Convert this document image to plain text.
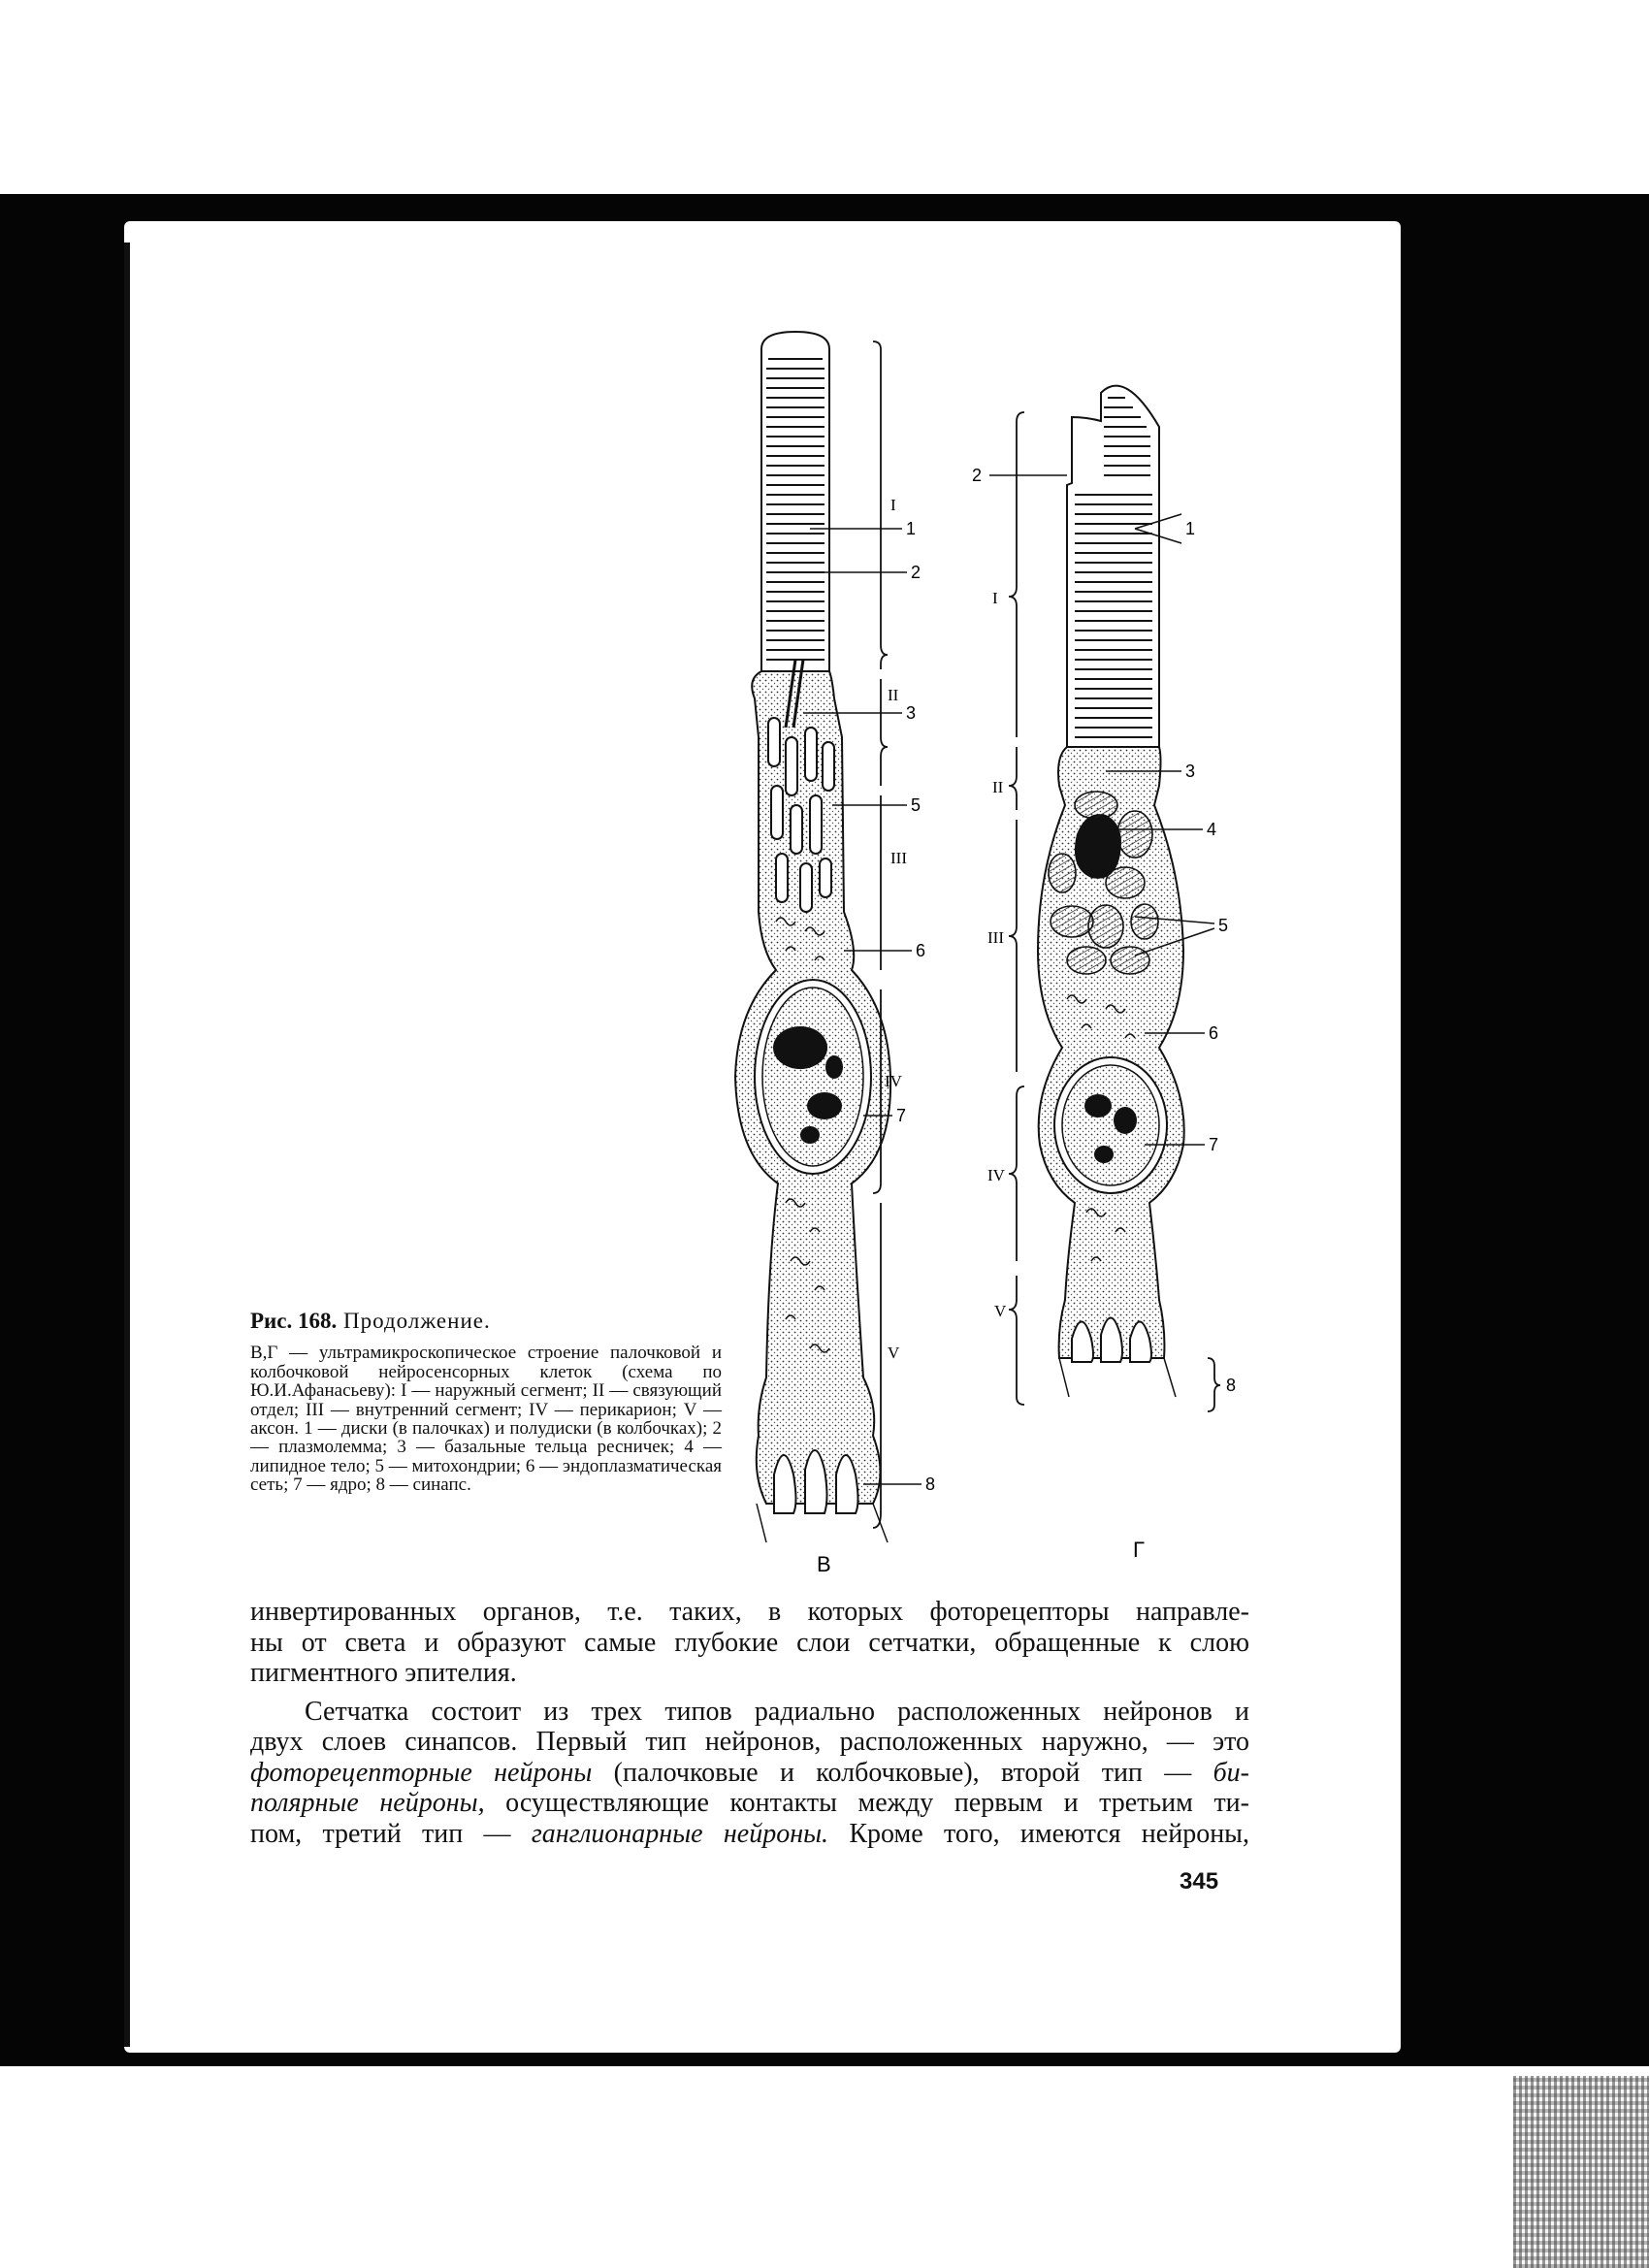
I
II
III
IV
V
1
2
3
5
6
7
8
В
I
II
III
IV
V
2
1
3
4
5
6
7
8
Г
Рис. 168. Продолжение.
В,Г — ультрамикроскопическое строение палочковой и колбочковой нейросенсорных клеток (схема по Ю.И.Афанасьеву): I — наружный сегмент; II — связующий отдел; III — внутренний сегмент; IV — перикарион; V — аксон. 1 — диски (в палочках) и полудиски (в колбочках); 2 — плазмолемма; 3 — базальные тельца ресничек; 4 — липидное тело; 5 — митохондрии; 6 — эндоплазматическая сеть; 7 — ядро; 8 — синапс.

инвертированных органов, т.е. таких, в которых фоторецепторы направле-
ны от света и образуют самые глубокие слои сетчатки, обращенные к слою
пигментного эпителия.

Сетчатка состоит из трех типов радиально расположенных нейронов и
двух слоев синапсов. Первый тип нейронов, расположенных наружно, — это
фоторецепторные нейроны (палочковые и колбочковые), второй тип — би-
полярные нейроны, осуществляющие контакты между первым и третьим ти-
пом, третий тип — ганглионарные нейроны. Кроме того, имеются нейроны,

345
